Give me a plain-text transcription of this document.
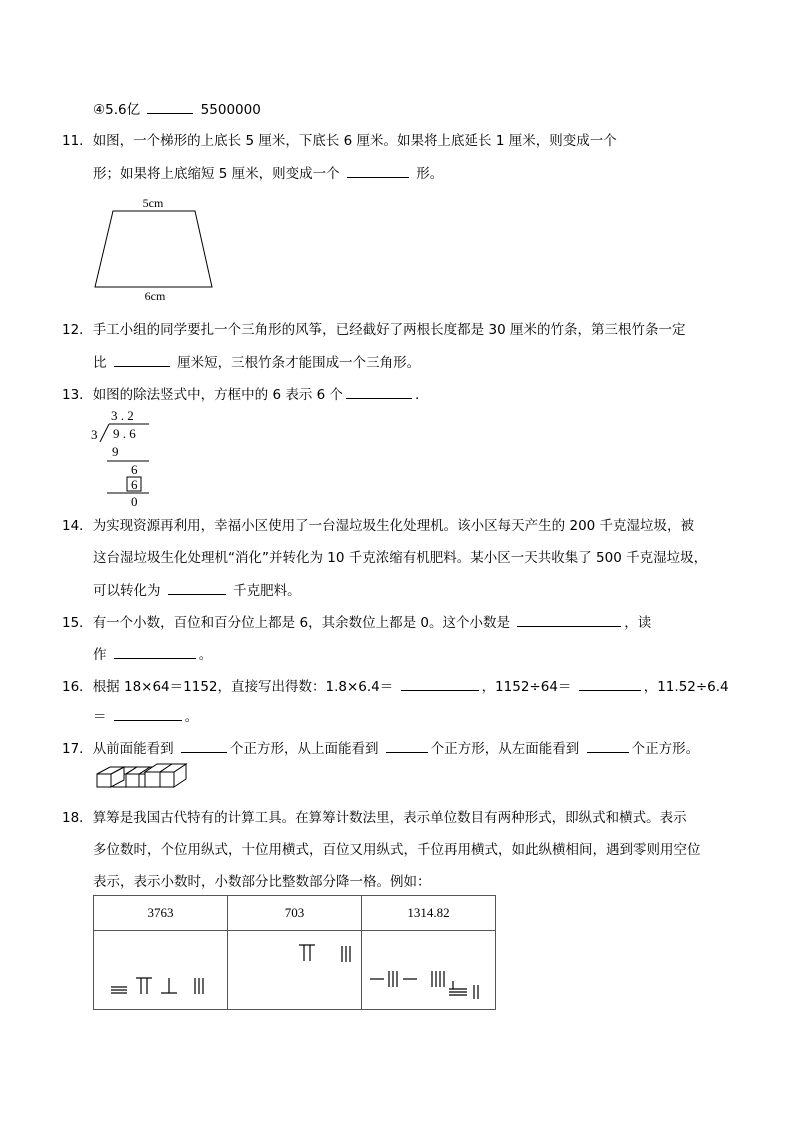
④5.6亿	5500000
11．如图，一个梯形的上底长 5 厘米，下底长 6 厘米。如果将上底延长 1 厘米，则变成一个
形；如果将上底缩短 5 厘米，则变成一个	形。
5cm
6cm
12．手工小组的同学要扎一个三角形的风筝，已经截好了两根长度都是 30 厘米的竹条，第三根竹条一定
比	厘米短，三根竹条才能围成一个三角形。
13．如图的除法竖式中，方框中的 6 表示 6 个	.
3 . 2
3 9 . 6
9
6
6
0
14．为实现资源再利用，幸福小区使用了一台湿垃圾生化处理机。该小区每天产生的 200 千克湿垃圾，被
这台湿垃圾生化处理机“消化”并转化为 10 千克浓缩有机肥料。某小区一天共收集了 500 千克湿垃圾，
可以转化为	千克肥料。
15．有一个小数，百位和百分位上都是 6，其余数位上都是 0。这个小数是	，读
作	。
16．根据 18×64＝1152，直接写出得数：1.8×6.4＝	，1152÷64＝	，11.52÷6.4
＝	。
17．从前面能看到	个正方形，从上面能看到	个正方形，从左面能看到	个正方形。
18．算筹是我国古代特有的计算工具。在算筹计数法里，表示单位数目有两种形式，即纵式和横式。表示
多位数时，个位用纵式，十位用横式，百位又用纵式，千位再用横式，如此纵横相间，遇到零则用空位
表示，表示小数时，小数部分比整数部分降一格。例如：
3763	703	1314.82
